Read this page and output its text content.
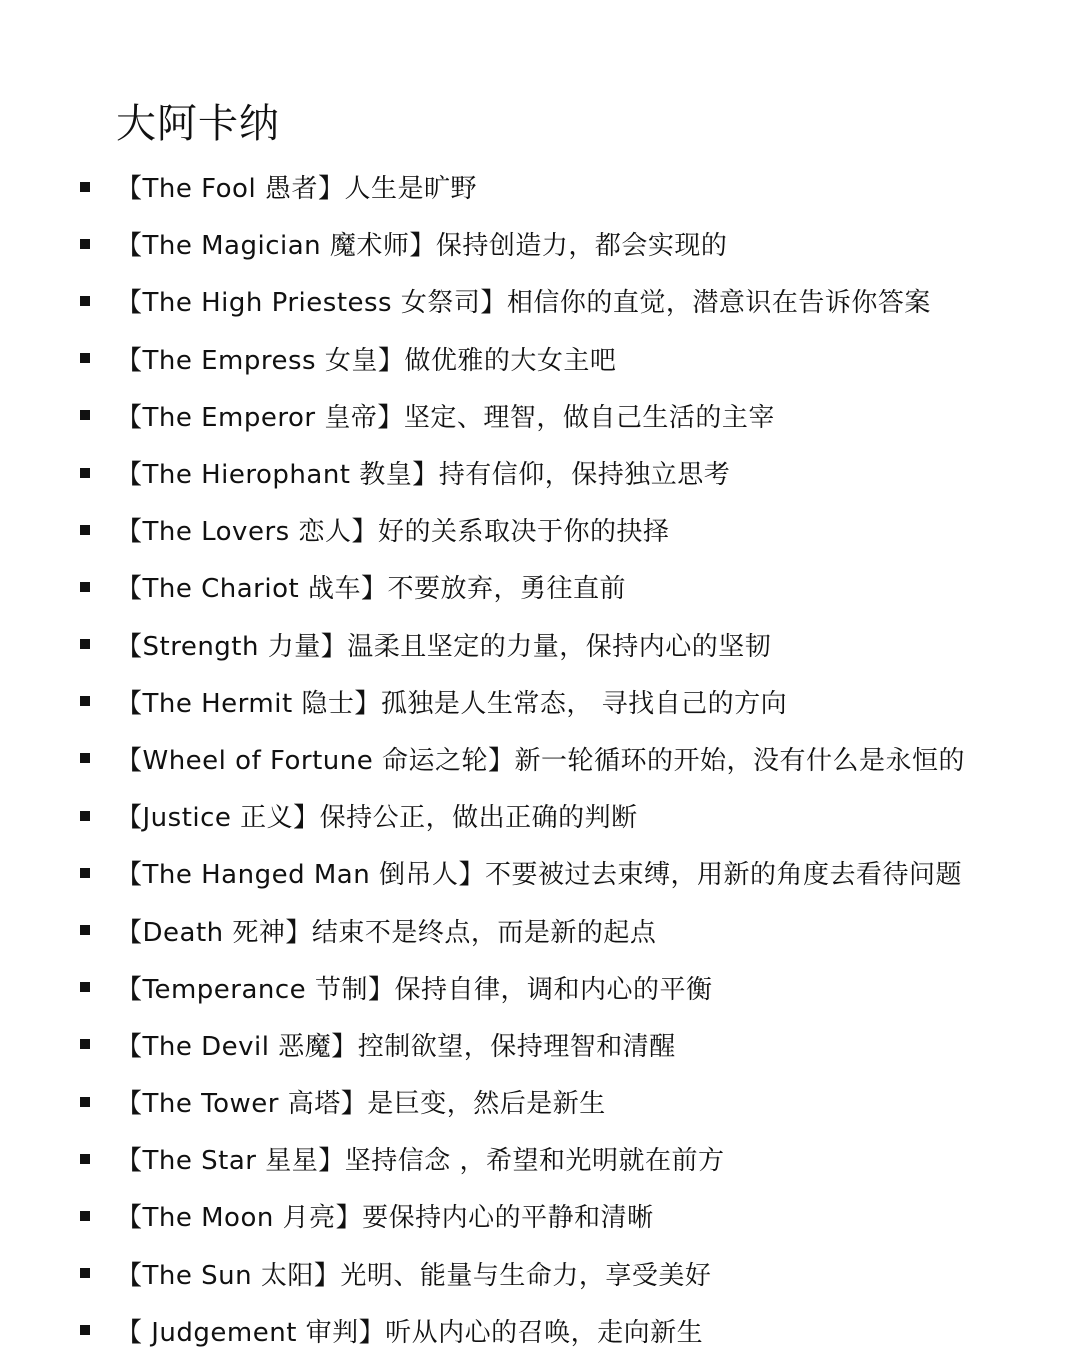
大阿卡纳
【The Fool 愚者】人生是旷野
【The Magician 魔术师】保持创造力，都会实现的
【The High Priestess 女祭司】相信你的直觉，潜意识在告诉你答案
【The Empress 女皇】做优雅的大女主吧
【The Emperor 皇帝】坚定、理智，做自己生活的主宰
【The Hierophant 教皇】持有信仰，保持独立思考
【The Lovers 恋人】好的关系取决于你的抉择
【The Chariot 战车】不要放弃，勇往直前
【Strength 力量】温柔且坚定的力量，保持内心的坚韧
【The Hermit 隐士】孤独是人生常态， 寻找自己的方向
【Wheel of Fortune 命运之轮】新一轮循环的开始，没有什么是永恒的
【Justice 正义】保持公正，做出正确的判断
【The Hanged Man 倒吊人】不要被过去束缚，用新的角度去看待问题
【Death 死神】结束不是终点，而是新的起点
【Temperance 节制】保持自律，调和内心的平衡
【The Devil 恶魔】控制欲望，保持理智和清醒
【The Tower 高塔】是巨变，然后是新生
【The Star 星星】坚持信念 ，希望和光明就在前方
【The Moon 月亮】要保持内心的平静和清晰
【The Sun 太阳】光明、能量与生命力，享受美好
【 Judgement 审判】听从内心的召唤，走向新生
